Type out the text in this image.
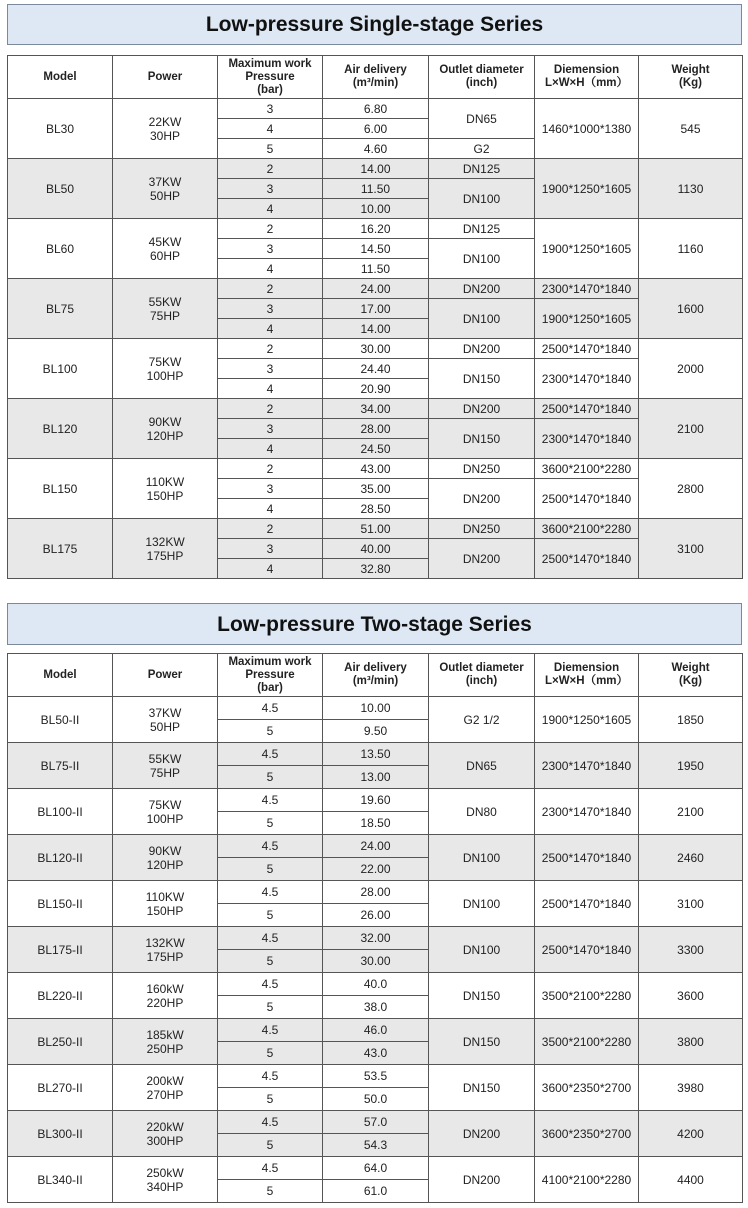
Low-pressure Single-stage Series
Model	Power	Maximum work
Pressure
(bar)	Air delivery
(m³/min)	Outlet diameter
(inch)	Diemension
L×W×H（mm）	Weight
(Kg)
BL30	22KW
30HP	3	6.80	DN65	1460*1000*1380	545
		4	6.00			
		5	4.60	G2		
BL50	37KW
50HP	2	14.00	DN125	1900*1250*1605	1130
		3	11.50	DN100		
		4	10.00			
BL60	45KW
60HP	2	16.20	DN125	1900*1250*1605	1160
		3	14.50	DN100		
		4	11.50			
BL75	55KW
75HP	2	24.00	DN200	2300*1470*1840	1600
		3	17.00	DN100	1900*1250*1605	
		4	14.00			
BL100	75KW
100HP	2	30.00	DN200	2500*1470*1840	2000
		3	24.40	DN150	2300*1470*1840	
		4	20.90			
BL120	90KW
120HP	2	34.00	DN200	2500*1470*1840	2100
		3	28.00	DN150	2300*1470*1840	
		4	24.50			
BL150	110KW
150HP	2	43.00	DN250	3600*2100*2280	2800
		3	35.00	DN200	2500*1470*1840	
		4	28.50			
BL175	132KW
175HP	2	51.00	DN250	3600*2100*2280	3100
		3	40.00	DN200	2500*1470*1840	
		4	32.80			
Low-pressure Two-stage Series
Model	Power	Maximum work
Pressure
(bar)	Air delivery
(m³/min)	Outlet diameter
(inch)	Diemension
L×W×H（mm）	Weight
(Kg)
BL50-II	37KW
50HP	4.5	10.00	G2 1/2	1900*1250*1605	1850
		5	9.50			
BL75-II	55KW
75HP	4.5	13.50	DN65	2300*1470*1840	1950
		5	13.00			
BL100-II	75KW
100HP	4.5	19.60	DN80	2300*1470*1840	2100
		5	18.50			
BL120-II	90KW
120HP	4.5	24.00	DN100	2500*1470*1840	2460
		5	22.00			
BL150-II	110KW
150HP	4.5	28.00	DN100	2500*1470*1840	3100
		5	26.00			
BL175-II	132KW
175HP	4.5	32.00	DN100	2500*1470*1840	3300
		5	30.00			
BL220-II	160kW
220HP	4.5	40.0	DN150	3500*2100*2280	3600
		5	38.0			
BL250-II	185kW
250HP	4.5	46.0	DN150	3500*2100*2280	3800
		5	43.0			
BL270-II	200kW
270HP	4.5	53.5	DN150	3600*2350*2700	3980
		5	50.0			
BL300-II	220kW
300HP	4.5	57.0	DN200	3600*2350*2700	4200
		5	54.3			
BL340-II	250kW
340HP	4.5	64.0	DN200	4100*2100*2280	4400
		5	61.0			
